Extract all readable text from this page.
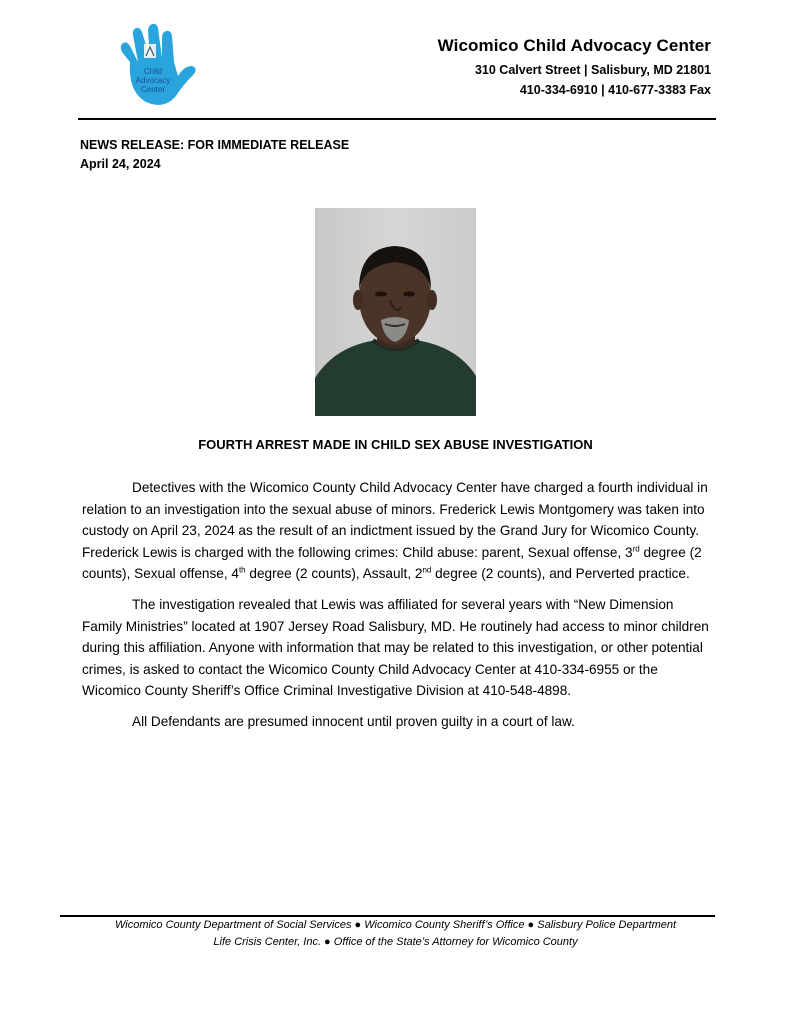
Child
Advocacy
Center
Wicomico Child Advocacy Center
310 Calvert Street | Salisbury, MD 21801
410-334-6910 | 410-677-3383 Fax
NEWS RELEASE: FOR IMMEDIATE RELEASE
April 24, 2024
FOURTH ARREST MADE IN CHILD SEX ABUSE INVESTIGATION

Detectives with the Wicomico County Child Advocacy Center have charged a fourth individual in relation to an investigation into the sexual abuse of minors. Frederick Lewis Montgomery was taken into custody on April 23, 2024 as the result of an indictment issued by the Grand Jury for Wicomico County. Frederick Lewis is charged with the following crimes: Child abuse: parent, Sexual offense, 3rd degree (2 counts), Sexual offense, 4th degree (2 counts), Assault, 2nd degree (2 counts), and Perverted practice.

The investigation revealed that Lewis was affiliated for several years with “New Dimension Family Ministries” located at 1907 Jersey Road Salisbury, MD. He routinely had access to minor children during this affiliation. Anyone with information that may be related to this investigation, or other potential crimes, is asked to contact the Wicomico County Child Advocacy Center at 410-334-6955 or the Wicomico County Sheriff’s Office Criminal Investigative Division at 410-548-4898.

All Defendants are presumed innocent until proven guilty in a court of law.

Wicomico County Department of Social Services ● Wicomico County Sheriff’s Office ● Salisbury Police Department
Life Crisis Center, Inc. ● Office of the State’s Attorney for Wicomico County
